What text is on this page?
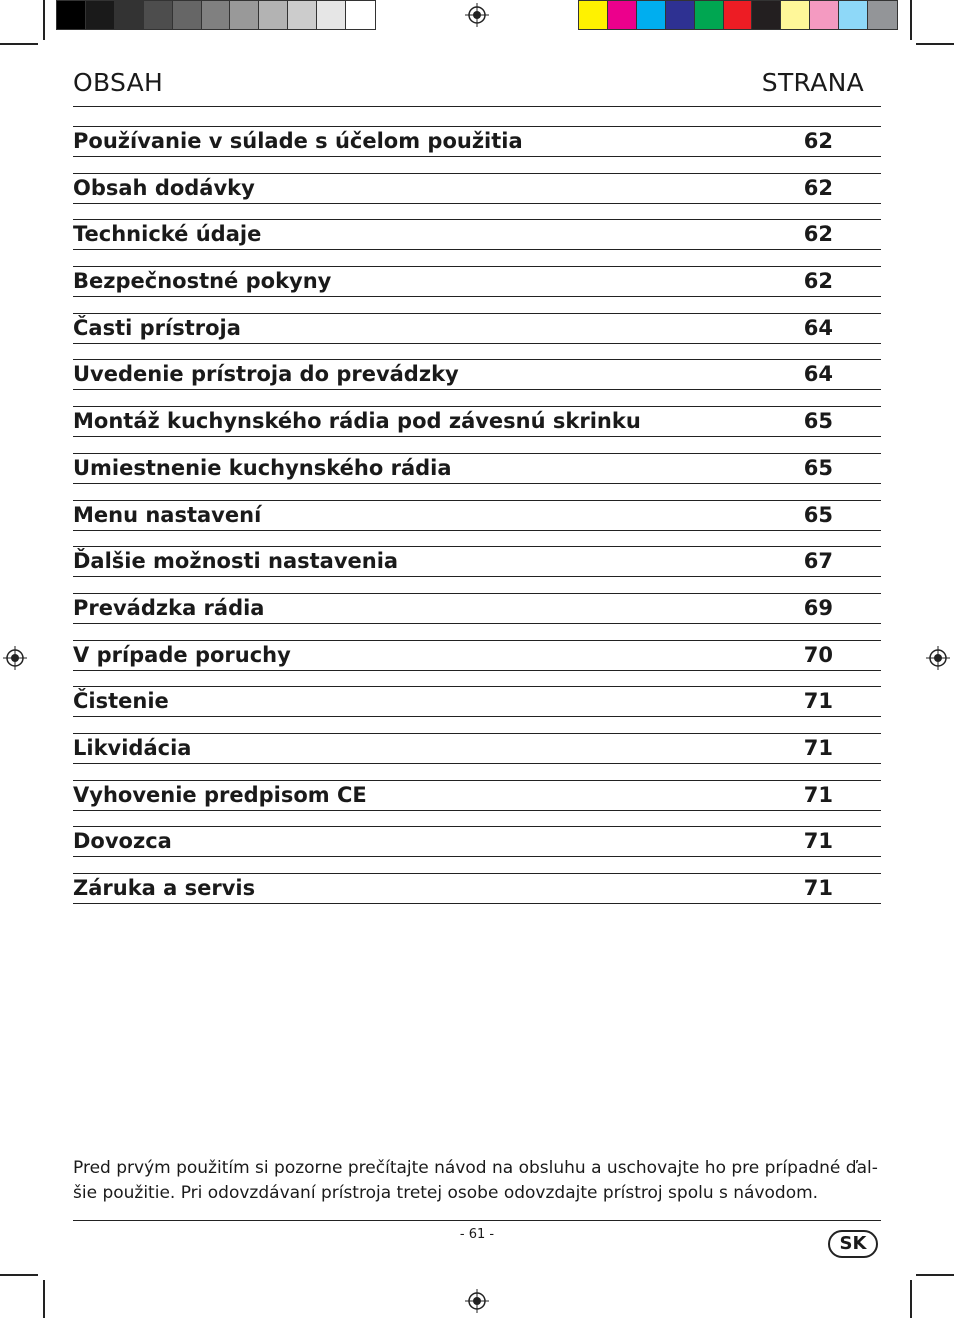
OBSAH	STRANA
Používanie v súlade s účelom použitia	62
Obsah dodávky	62
Technické údaje	62
Bezpečnostné pokyny	62
Časti prístroja	64
Uvedenie prístroja do prevádzky	64
Montáž kuchynského rádia pod závesnú skrinku	65
Umiestnenie kuchynského rádia	65
Menu nastavení	65
Ďalšie možnosti nastavenia	67
Prevádzka rádia	69
V prípade poruchy	70
Čistenie	71
Likvidácia	71
Vyhovenie predpisom CE	71
Dovozca	71
Záruka a servis	71
Pred prvým použitím si pozorne prečítajte návod na obsluhu a uschovajte ho pre prípadné ďal-
šie použitie. Pri odovzdávaní prístroja tretej osobe odovzdajte prístroj spolu s návodom.
- 61 -	SK
